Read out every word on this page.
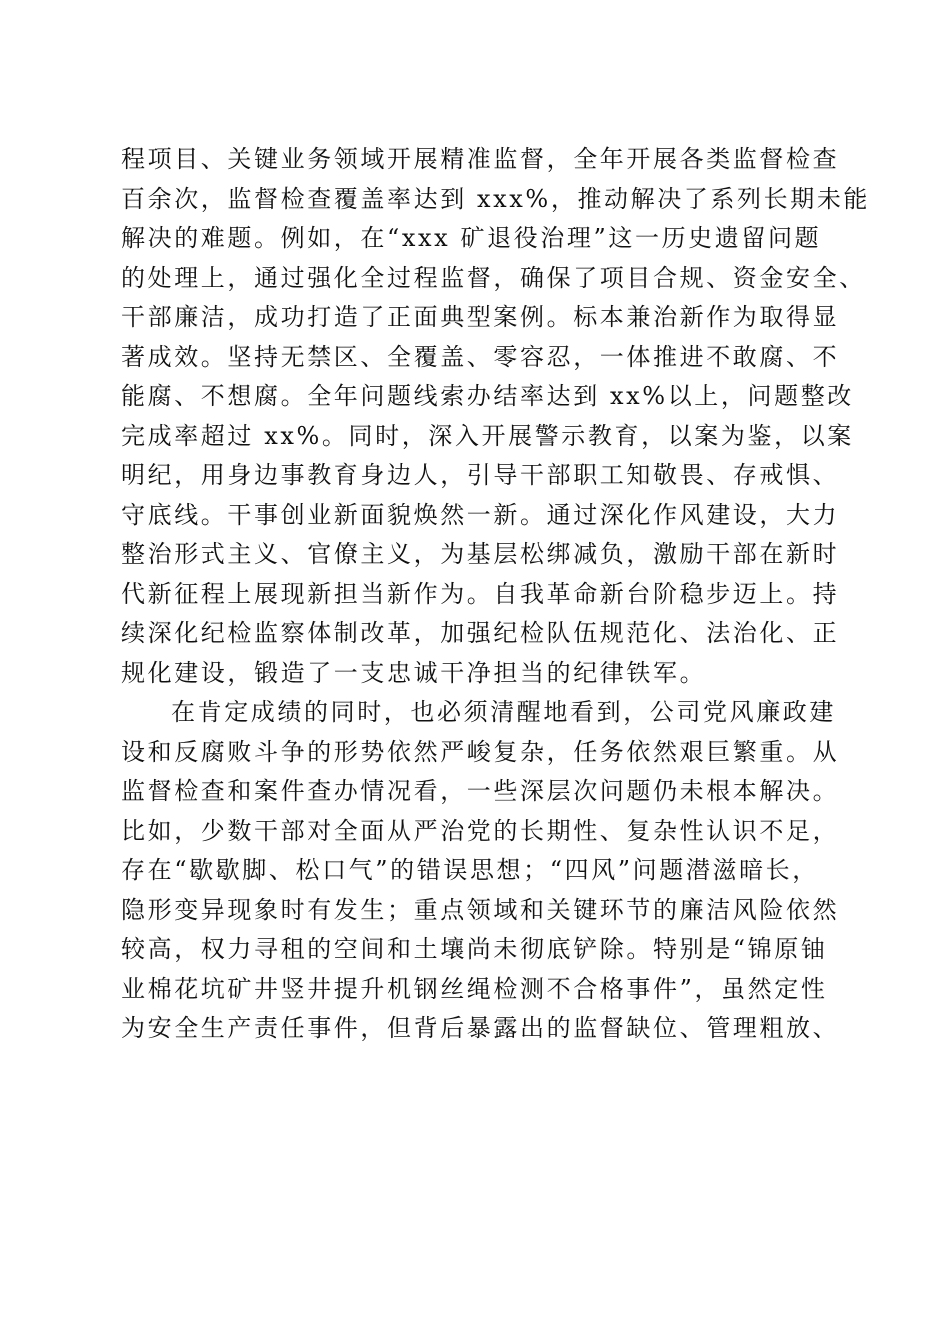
程项目、关键业务领域开展精准监督，全年开展各类监督检查
百余次，监督检查覆盖率达到 xxx%，推动解决了系列长期未能
解决的难题。例如，在“xxx 矿退役治理”这一历史遗留问题
的处理上，通过强化全过程监督，确保了项目合规、资金安全、
干部廉洁，成功打造了正面典型案例。标本兼治新作为取得显
著成效。坚持无禁区、全覆盖、零容忍，一体推进不敢腐、不
能腐、不想腐。全年问题线索办结率达到 xx%以上，问题整改
完成率超过 xx%。同时，深入开展警示教育，以案为鉴，以案
明纪，用身边事教育身边人，引导干部职工知敬畏、存戒惧、
守底线。干事创业新面貌焕然一新。通过深化作风建设，大力
整治形式主义、官僚主义，为基层松绑减负，激励干部在新时
代新征程上展现新担当新作为。自我革命新台阶稳步迈上。持
续深化纪检监察体制改革，加强纪检队伍规范化、法治化、正
规化建设，锻造了一支忠诚干净担当的纪律铁军。
在肯定成绩的同时，也必须清醒地看到，公司党风廉政建
设和反腐败斗争的形势依然严峻复杂，任务依然艰巨繁重。从
监督检查和案件查办情况看，一些深层次问题仍未根本解决。
比如，少数干部对全面从严治党的长期性、复杂性认识不足，
存在“歇歇脚、松口气”的错误思想；“四风”问题潜滋暗长，
隐形变异现象时有发生；重点领域和关键环节的廉洁风险依然
较高，权力寻租的空间和土壤尚未彻底铲除。特别是“锦原铀
业棉花坑矿井竖井提升机钢丝绳检测不合格事件”，虽然定性
为安全生产责任事件，但背后暴露出的监督缺位、管理粗放、
